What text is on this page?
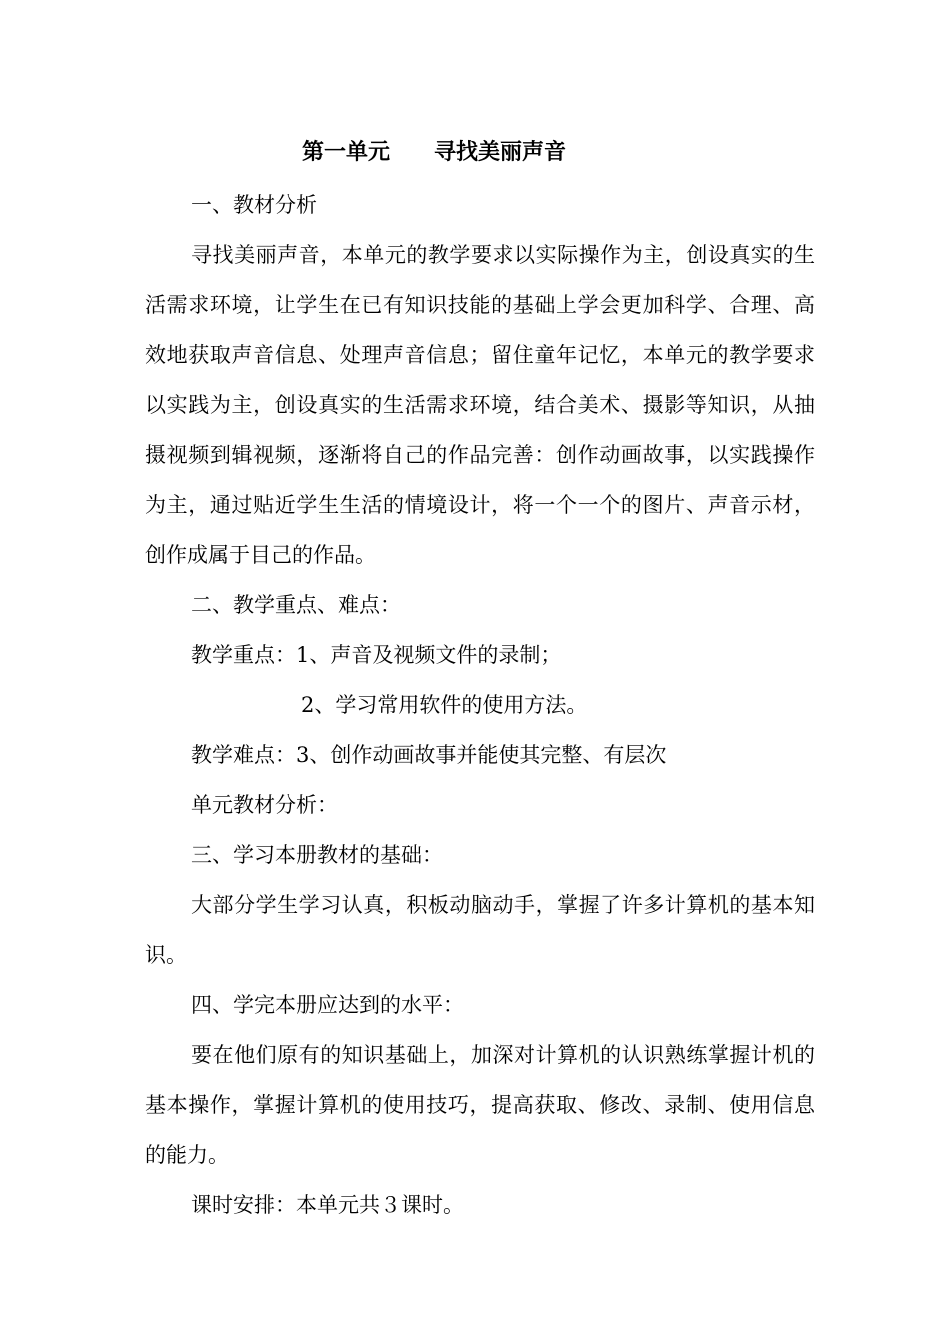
第一单元　　寻找美丽声音

一、教材分析

寻找美丽声音，本单元的教学要求以实际操作为主，创设真实的生活需求环境，让学生在已有知识技能的基础上学会更加科学、合理、高效地获取声音信息、处理声音信息；留住童年记忆，本单元的教学要求以实践为主，创设真实的生活需求环境，结合美术、摄影等知识，从抽摄视频到辑视频，逐渐将自己的作品完善：创作动画故事，以实践操作为主，通过贴近学生生活的情境设计，将一个一个的图片、声音示材，创作成属于目己的作品。

二、教学重点、难点：

教学重点：1、声音及视频文件的录制；

2、学习常用软件的使用方法。

教学难点：3、创作动画故事并能使其完整、有层次

单元教材分析：

三、学习本册教材的基础：

大部分学生学习认真，积板动脑动手，掌握了许多计算机的基本知识。

四、学完本册应达到的水平：

要在他们原有的知识基础上，加深对计算机的认识熟练掌握计机的基本操作，掌握计算机的使用技巧，提高获取、修改、录制、使用信息的能力。

课时安排：本单元共３课时。
